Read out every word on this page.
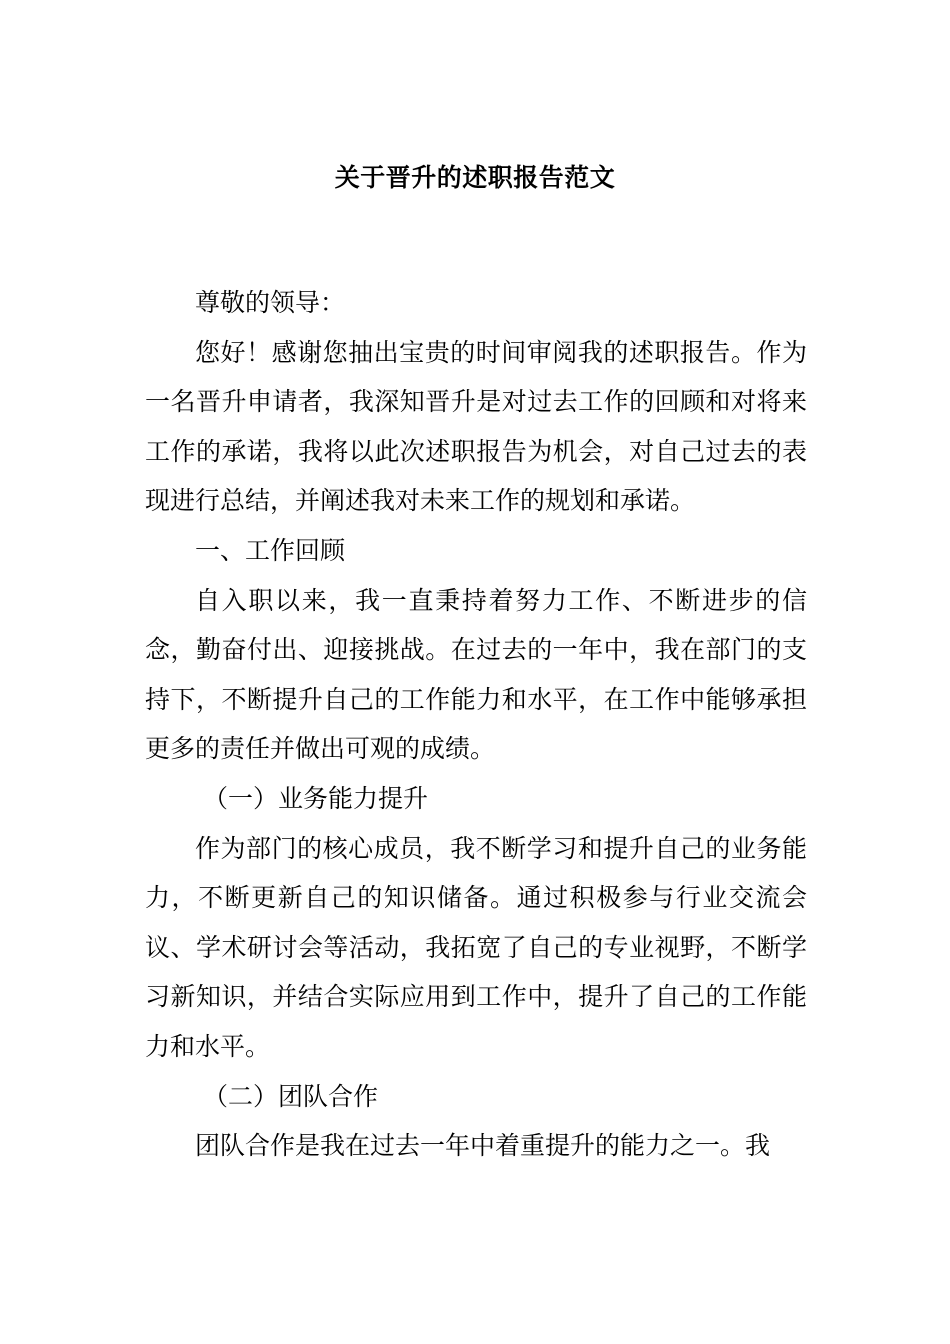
关于晋升的述职报告范文

尊敬的领导：

您好！感谢您抽出宝贵的时间审阅我的述职报告。作为一名晋升申请者，我深知晋升是对过去工作的回顾和对将来工作的承诺，我将以此次述职报告为机会，对自己过去的表现进行总结，并阐述我对未来工作的规划和承诺。

一、工作回顾

自入职以来，我一直秉持着努力工作、不断进步的信念，勤奋付出、迎接挑战。在过去的一年中，我在部门的支持下，不断提升自己的工作能力和水平，在工作中能够承担更多的责任并做出可观的成绩。

（一）业务能力提升

作为部门的核心成员，我不断学习和提升自己的业务能力，不断更新自己的知识储备。通过积极参与行业交流会议、学术研讨会等活动，我拓宽了自己的专业视野，不断学习新知识，并结合实际应用到工作中，提升了自己的工作能力和水平。

（二）团队合作

团队合作是我在过去一年中着重提升的能力之一。我
